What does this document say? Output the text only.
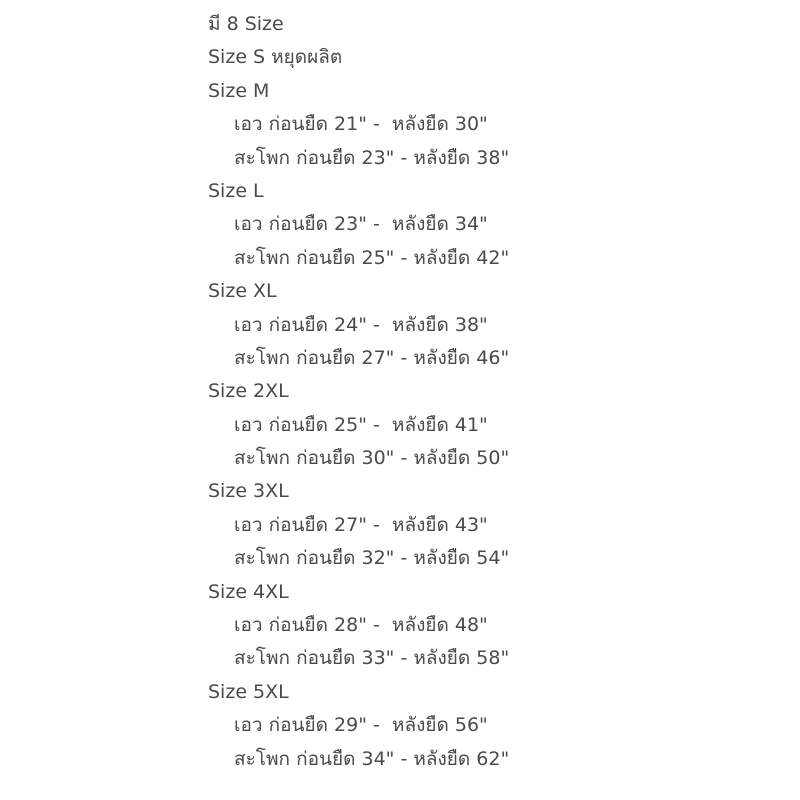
มี 8 Size
Size S หยุดผลิต
Size M
เอว ก่อนยืด 21" -  หลังยืด 30"
สะโพก ก่อนยืด 23" - หลังยืด 38"
Size L
เอว ก่อนยืด 23" -  หลังยืด 34"
สะโพก ก่อนยืด 25" - หลังยืด 42"
Size XL
เอว ก่อนยืด 24" -  หลังยืด 38"
สะโพก ก่อนยืด 27" - หลังยืด 46"
Size 2XL
เอว ก่อนยืด 25" -  หลังยืด 41"
สะโพก ก่อนยืด 30" - หลังยืด 50"
Size 3XL
เอว ก่อนยืด 27" -  หลังยืด 43"
สะโพก ก่อนยืด 32" - หลังยืด 54"
Size 4XL
เอว ก่อนยืด 28" -  หลังยืด 48"
สะโพก ก่อนยืด 33" - หลังยืด 58"
Size 5XL
เอว ก่อนยืด 29" -  หลังยืด 56"
สะโพก ก่อนยืด 34" - หลังยืด 62"
